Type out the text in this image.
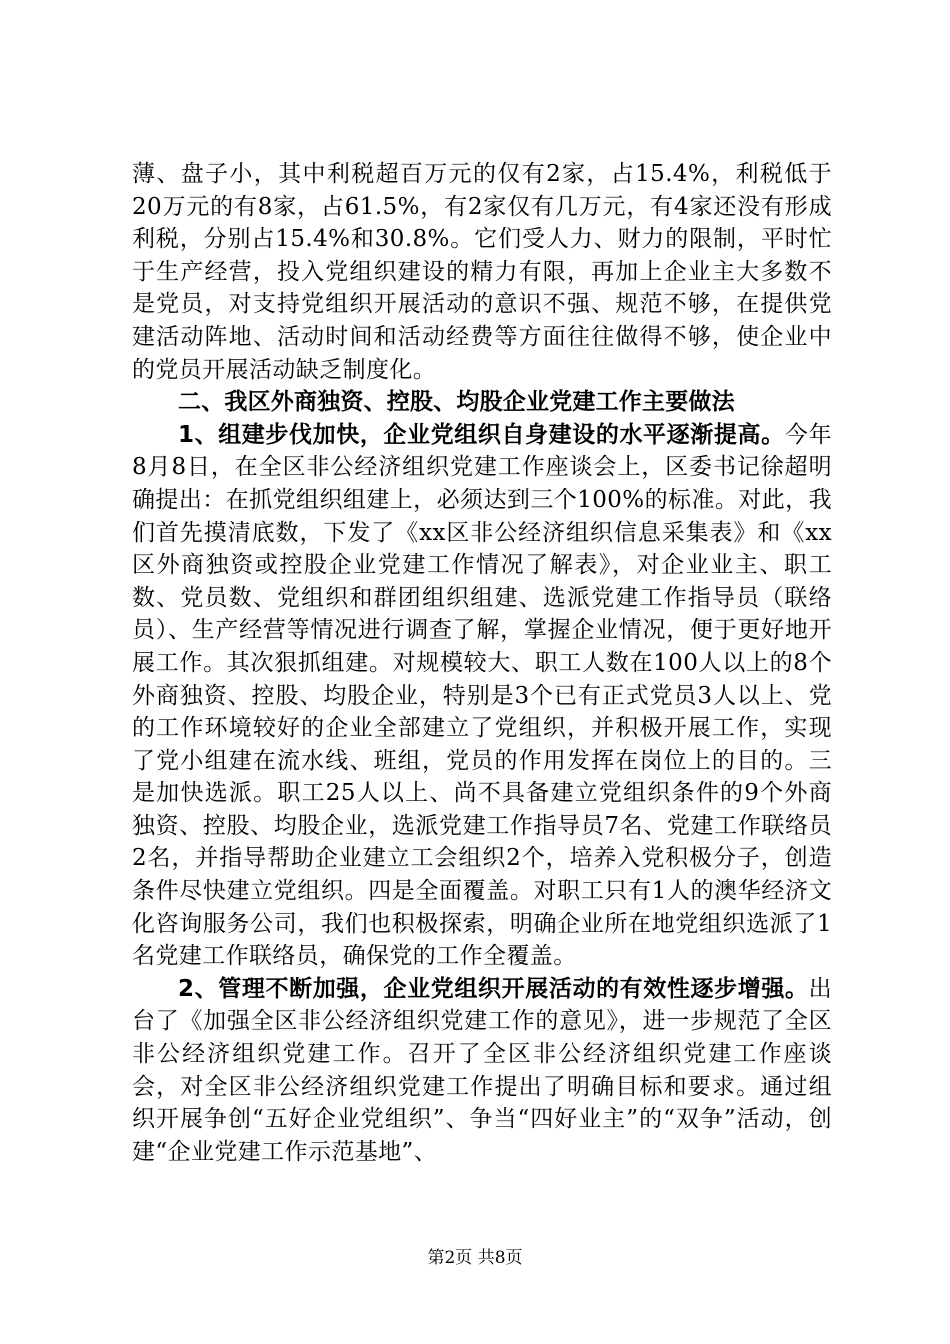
薄、盘子小，其中利税超百万元的仅有2家，占15.4%，利税低于20万元的有8家，占61.5%，有2家仅有几万元，有4家还没有形成利税，分别占15.4%和30.8%。它们受人力、财力的限制，平时忙于生产经营，投入党组织建设的精力有限，再加上企业主大多数不是党员，对支持党组织开展活动的意识不强、规范不够，在提供党建活动阵地、活动时间和活动经费等方面往往做得不够，使企业中的党员开展活动缺乏制度化。

二、我区外商独资、控股、均股企业党建工作主要做法

1、组建步伐加快，企业党组织自身建设的水平逐渐提高。今年8月8日，在全区非公经济组织党建工作座谈会上，区委书记徐超明确提出：在抓党组织组建上，必须达到三个100%的标准。对此，我们首先摸清底数，下发了《xx区非公经济组织信息采集表》和《xx区外商独资或控股企业党建工作情况了解表》，对企业业主、职工数、党员数、党组织和群团组织组建、选派党建工作指导员（联络员）、生产经营等情况进行调查了解，掌握企业情况，便于更好地开展工作。其次狠抓组建。对规模较大、职工人数在100人以上的8个外商独资、控股、均股企业，特别是3个已有正式党员3人以上、党的工作环境较好的企业全部建立了党组织，并积极开展工作，实现了党小组建在流水线、班组，党员的作用发挥在岗位上的目的。三是加快选派。职工25人以上、尚不具备建立党组织条件的9个外商独资、控股、均股企业，选派党建工作指导员7名、党建工作联络员2名，并指导帮助企业建立工会组织2个，培养入党积极分子，创造条件尽快建立党组织。四是全面覆盖。对职工只有1人的澳华经济文化咨询服务公司，我们也积极探索，明确企业所在地党组织选派了1名党建工作联络员，确保党的工作全覆盖。

2、管理不断加强，企业党组织开展活动的有效性逐步增强。出台了《加强全区非公经济组织党建工作的意见》，进一步规范了全区非公经济组织党建工作。召开了全区非公经济组织党建工作座谈会，对全区非公经济组织党建工作提出了明确目标和要求。通过组织开展争创“五好企业党组织”、争当“四好业主”的“双争”活动，创建“企业党建工作示范基地”、

第2页 共8页
